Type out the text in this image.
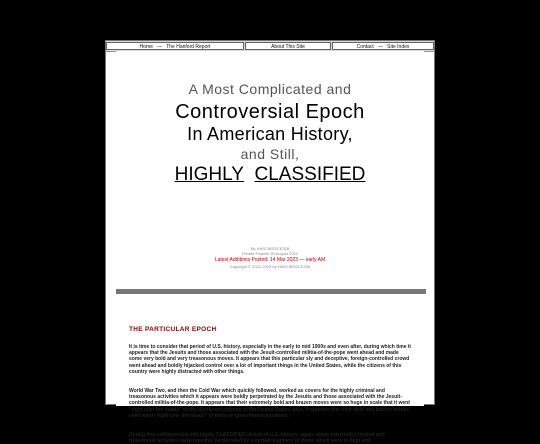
Home — The Hanford Report	About This Site	Contact — Site Index
A Most Complicated and
Controversial Epoch
In American History,
and Still,
HIGHLY CLASSIFIED
By HASCIBSSCE328
Private Posted: 25 August 2021
Latest Additions Posted: 14 Mar 2023 — early AM
Copyright © 2021-2023 by HASCIBSSCE328
THE PARTICULAR EPOCH
It is time to consider that period of U.S. history, especially in the early to mid 1900s and even after, during which time it appears that the Jesuits and those associated with the Jesuit-controlled militia-of-the-pope went ahead and made some very bold and very treasonous moves. It appears that this particular sly and deceptive, foreign-controlled crowd went ahead and boldly hijacked control over a lot of important things in the United States, while the citizens of this country were highly distracted with other things.
World War Two, and then the Cold War which quickly followed, worked as covers for the highly criminal and treasonous activities which it appears were boldly perpetrated by the Jesuits and those associated with the Jesuit-controlled militia-of-the-pope. It appears that their extremely bold and brazen moves were so huge in scale that it went "right over the heads" of the distracted citizens of the United States, plus, it appears that their bold and brazen moves even went "right over the heads" of those in government positions.
During this controversial and highly CLASSIFIED period of U.S. history, again, some extremely criminal and treasonous activities were brazenly perpetrated by a certain segment of those which were in high and
